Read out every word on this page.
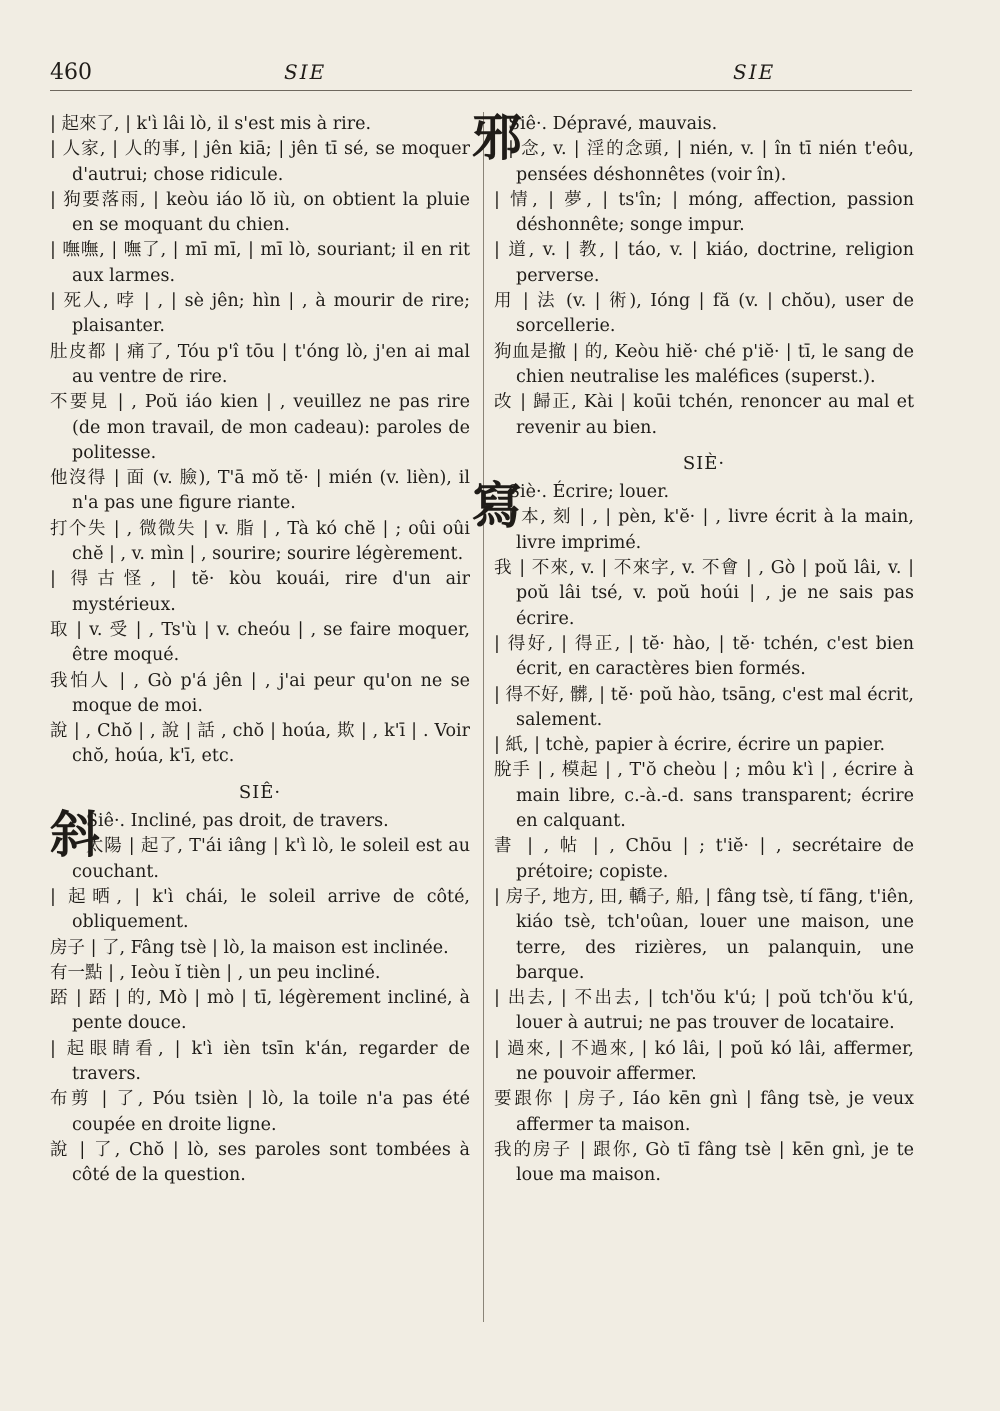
460	SIE	SIE

| 起來了, | k'ì lâi lò, il s'est mis à rire.

| 人家, | 人的事, | jên kiā; | jên tī sé, se moquer d'autrui; chose ridicule.

| 狗要落雨, | keòu iáo lŏ iù, on obtient la pluie en se moquant du chien.

| 嘸嘸, | 嘸了, | mī mī, | mī lò, souriant; il en rit aux larmes.

| 死人, 哱 | , | sè jên; hìn | , à mourir de rire; plaisanter.

肚皮都 | 痛了, Tóu p'î tōu | t'óng lò, j'en ai mal au ventre de rire.

不要見 | , Poŭ iáo kien | , veuillez ne pas rire (de mon travail, de mon cadeau): paroles de politesse.

他沒得 | 面 (v. 臉), T'ā mŏ tĕ· | mién (v. lièn), il n'a pas une figure riante.

打个失 | , 微微失 | v. 脂 | , Tà kó chĕ | ; oûi oûi chĕ | , v. mìn | , sourire; sourire légèrement.

| 得古怪, | tĕ· kòu kouái, rire d'un air mystérieux.

取 | v. 受 | , Ts'ù | v. cheóu | , se faire moquer, être moqué.

我怕人 | , Gò p'á jên | , j'ai peur qu'on ne se moque de moi.

說 | , Chŏ | , 說 | 話 , chŏ | hoúa, 欺 | , k'ī | . Voir chŏ, hoúa, k'ī, etc.

SIÊ·

斜
Siê·. Incliné, pas droit, de travers.

太陽 | 起了, T'ái iâng | k'ì lò, le soleil est au couchant.

| 起晒, | k'ì chái, le soleil arrive de côté, obliquement.

房子 | 了, Fâng tsè | lò, la maison est inclinée.

有一點 | , Ieòu ĭ tièn | , un peu incliné.

踎 | 踎 | 的, Mò | mò | tī, légèrement incliné, à pente douce.

| 起眼睛看, | k'ì ièn tsīn k'án, regarder de travers.

布剪 | 了, Póu tsièn | lò, la toile n'a pas été coupée en droite ligne.

說 | 了, Chŏ | lò, ses paroles sont tombées à côté de la question.

邪
Siê·. Dépravé, mauvais.

| 念, v. | 淫的念頭, | nién, v. | în tī nién t'eôu, pensées déshonnêtes (voir în).

| 情, | 夢, | ts'în; | móng, affection, passion déshonnête; songe impur.

| 道, v. | 教, | táo, v. | kiáo, doctrine, religion perverse.

用 | 法 (v. | 術), Ióng | fă (v. | chŏu), user de sorcellerie.

狗血是撤 | 的, Keòu hiĕ· ché p'iĕ· | tī, le sang de chien neutralise les maléfices (superst.).

改 | 歸正, Kài | koūi tchén, renoncer au mal et revenir au bien.

SIÈ·

寫
Siè·. Écrire; louer.

| 本, 刻 | , | pèn, k'ĕ· | , livre écrit à la main, livre imprimé.

我 | 不來, v. | 不來字, v. 不會 | , Gò | poŭ lâi, v. | poŭ lâi tsé, v. poŭ hoúi | , je ne sais pas écrire.

| 得好, | 得正, | tĕ· hào, | tĕ· tchén, c'est bien écrit, en caractères bien formés.

| 得不好, 髒, | tĕ· poŭ hào, tsāng, c'est mal écrit, salement.

| 紙, | tchè, papier à écrire, écrire un papier.

脫手 | , 模起 | , T'ŏ cheòu | ; môu k'ì | , écrire à main libre, c.-à.-d. sans transparent; écrire en calquant.

書 | , 帖 | , Chōu | ; t'iĕ· | , secrétaire de prétoire; copiste.

| 房子, 地方, 田, 轎子, 船, | fâng tsè, tí fāng, t'iên, kiáo tsè, tch'oûan, louer une maison, une terre, des rizières, un palanquin, une barque.

| 出去, | 不出去, | tch'ŏu k'ú; | poŭ tch'ŏu k'ú, louer à autrui; ne pas trouver de locataire.

| 過來, | 不過來, | kó lâi, | poŭ kó lâi, affermer, ne pouvoir affermer.

要跟你 | 房子, Iáo kēn gnì | fâng tsè, je veux affermer ta maison.

我的房子 | 跟你, Gò tī fâng tsè | kēn gnì, je te loue ma maison.
